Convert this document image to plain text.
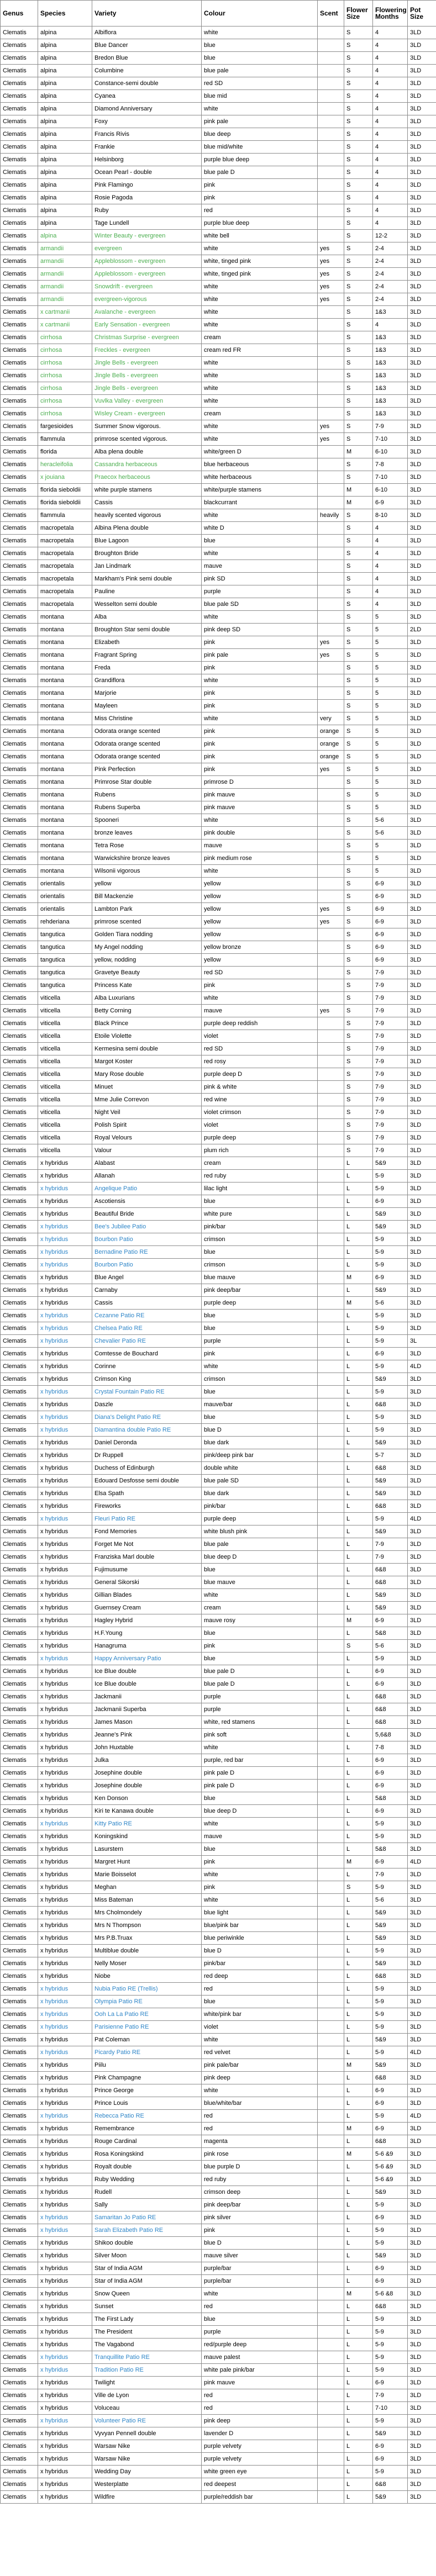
Genus	Species	Variety	Colour	Scent	Flower Size	Flowering Months	Pot Size
Clematis	alpina	Albiflora	white		S	4	3LD
Clematis	alpina	Blue Dancer	blue		S	4	3LD
Clematis	alpina	Bredon Blue	blue		S	4	3LD
Clematis	alpina	Columbine	blue pale		S	4	3LD
Clematis	alpina	Constance-semi double	red SD		S	4	3LD
Clematis	alpina	Cyanea	blue mid		S	4	3LD
Clematis	alpina	Diamond Anniversary	white		S	4	3LD
Clematis	alpina	Foxy	pink pale		S	4	3LD
Clematis	alpina	Francis Rivis	blue deep		S	4	3LD
Clematis	alpina	Frankie	blue mid/white		S	4	3LD
Clematis	alpina	Helsinborg	purple blue deep		S	4	3LD
Clematis	alpina	Ocean Pearl - double	blue pale D		S	4	3LD
Clematis	alpina	Pink Flamingo	pink		S	4	3LD
Clematis	alpina	Rosie Pagoda	pink		S	4	3LD
Clematis	alpina	Ruby	red		S	4	3LD
Clematis	alpina	Tage Lundell	purple blue deep		S	4	3LD
Clematis	alpina	Winter Beauty - evergreen	white bell		S	12-2	3LD
Clematis	armandii	evergreen	white	yes	S	2-4	3LD
Clematis	armandii	Appleblossom - evergreen	white, tinged pink	yes	S	2-4	3LD
Clematis	armandii	Appleblossom - evergreen	white, tinged pink	yes	S	2-4	3LD
Clematis	armandii	Snowdrift - evergreen	white	yes	S	2-4	3LD
Clematis	armandii	evergreen-vigorous	white	yes	S	2-4	3LD
Clematis	x cartmanii	Avalanche - evergreen	white		S	1&3	3LD
Clematis	x cartmanii	Early Sensation - evergreen	white		S	4	3LD
Clematis	cirrhosa	Christmas Surprise - evergreen	cream		S	1&3	3LD
Clematis	cirrhosa	Freckles - evergreen	cream red FR		S	1&3	3LD
Clematis	cirrhosa	Jingle Bells - evergreen	white		S	1&3	3LD
Clematis	cirrhosa	Jingle Bells - evergreen	white		S	1&3	3LD
Clematis	cirrhosa	Jingle Bells - evergreen	white		S	1&3	3LD
Clematis	cirrhosa	Vuvlka Valley - evergreen	white		S	1&3	3LD
Clematis	cirrhosa	Wisley Cream - evergreen	cream		S	1&3	3LD
Clematis	fargesioides	Summer Snow vigorous.	white	yes	S	7-9	3LD
Clematis	flammula	primrose scented vigorous.	white	yes	S	7-10	3LD
Clematis	florida	Alba plena double	white/green D		M	6-10	3LD
Clematis	heracleifolia	Cassandra herbaceous	blue herbaceous		S	7-8	3LD
Clematis	x jouiana	Praecox herbaceous	white herbaceous		S	7-10	3LD
Clematis	florida sieboldii	white purple stamens	white/purple stamens		M	6-10	3LD
Clematis	florida sieboldii	Cassis	blackcurrant		M	6-9	3LD
Clematis	flammula	heavily scented vigorous	white	heavily	S	8-10	3LD
Clematis	macropetala	Albina Plena double	white D		S	4	3LD
Clematis	macropetala	Blue Lagoon	blue		S	4	3LD
Clematis	macropetala	Broughton Bride	white		S	4	3LD
Clematis	macropetala	Jan Lindmark	mauve		S	4	3LD
Clematis	macropetala	Markham's Pink semi double	pink SD		S	4	3LD
Clematis	macropetala	Pauline	purple		S	4	3LD
Clematis	macropetala	Wesselton semi double	blue pale SD		S	4	3LD
Clematis	montana	Alba	white		S	5	3LD
Clematis	montana	Broughton Star semi double	pink deep SD		S	5	2LD
Clematis	montana	Elizabeth	pink	yes	S	5	3LD
Clematis	montana	Fragrant Spring	pink pale	yes	S	5	3LD
Clematis	montana	Freda	pink		S	5	3LD
Clematis	montana	Grandiflora	white		S	5	3LD
Clematis	montana	Marjorie	pink		S	5	3LD
Clematis	montana	Mayleen	pink		S	5	3LD
Clematis	montana	Miss Christine	white	very	S	5	3LD
Clematis	montana	Odorata orange scented	pink	orange	S	5	3LD
Clematis	montana	Odorata orange scented	pink	orange	S	5	3LD
Clematis	montana	Odorata orange scented	pink	orange	S	5	3LD
Clematis	montana	Pink Perfection	pink	yes	S	5	3LD
Clematis	montana	Primrose Star double	primrose D		S	5	3LD
Clematis	montana	Rubens	pink mauve		S	5	3LD
Clematis	montana	Rubens Superba	pink mauve		S	5	3LD
Clematis	montana	Spooneri	white		S	5-6	3LD
Clematis	montana	bronze leaves	pink double		S	5-6	3LD
Clematis	montana	Tetra Rose	mauve		S	5	3LD
Clematis	montana	Warwickshire bronze leaves	pink medium rose		S	5	3LD
Clematis	montana	Wilsonii vigorous	white		S	5	3LD
Clematis	orientalis	yellow	yellow		S	6-9	3LD
Clematis	orientalis	Bill Mackenzie	yellow		S	6-9	3LD
Clematis	orientalis	Lambton Park	yellow	yes	S	6-9	3LD
Clematis	rehderiana	primrose scented	yellow	yes	S	6-9	3LD
Clematis	tangutica	Golden Tiara nodding	yellow		S	6-9	3LD
Clematis	tangutica	My Angel nodding	yellow bronze		S	6-9	3LD
Clematis	tangutica	yellow, nodding	yellow		S	6-9	3LD
Clematis	tangutica	Gravetye Beauty	red SD		S	7-9	3LD
Clematis	tangutica	Princess Kate	pink		S	7-9	3LD
Clematis	viticella	Alba Luxurians	white		S	7-9	3LD
Clematis	viticella	Betty Corning	mauve	yes	S	7-9	3LD
Clematis	viticella	Black Prince	purple deep reddish		S	7-9	3LD
Clematis	viticella	Etoile Violette	violet		S	7-9	3LD
Clematis	viticella	Kermesina semi double	red SD		S	7-9	3LD
Clematis	viticella	Margot Koster	red rosy		S	7-9	3LD
Clematis	viticella	Mary Rose double	purple deep D		S	7-9	3LD
Clematis	viticella	Minuet	pink & white		S	7-9	3LD
Clematis	viticella	Mme Julie Correvon	red wine		S	7-9	3LD
Clematis	viticella	Night Veil	violet crimson		S	7-9	3LD
Clematis	viticella	Polish Spirit	violet		S	7-9	3LD
Clematis	viticella	Royal Velours	purple deep		S	7-9	3LD
Clematis	viticella	Valour	plum rich		S	7-9	3LD
Clematis	x hybridus	Alabast	cream		L	5&9	3LD
Clematis	x hybridus	Allanah	red ruby		L	5-9	3LD
Clematis	x hybridus	Angelique Patio	lilac light		L	5-9	3LD
Clematis	x hybridus	Ascotiensis	blue		L	6-9	3LD
Clematis	x hybridus	Beautiful Bride	white pure		L	5&9	3LD
Clematis	x hybridus	Bee's Jubilee Patio	pink/bar		L	5&9	3LD
Clematis	x hybridus	Bourbon Patio	crimson		L	5-9	3LD
Clematis	x hybridus	Bernadine Patio RE	blue		L	5-9	3LD
Clematis	x hybridus	Bourbon Patio	crimson		L	5-9	3LD
Clematis	x hybridus	Blue Angel	blue mauve		M	6-9	3LD
Clematis	x hybridus	Carnaby	pink deep/bar		L	5&9	3LD
Clematis	x hybridus	Cassis	purple deep		M	5-6	3LD
Clematis	x hybridus	Cezanne Patio RE	blue		L	5-9	3LD
Clematis	x hybridus	Chelsea Patio RE	blue		L	5-9	3LD
Clematis	x hybridus	Chevalier Patio RE	purple		L	5-9	3L
Clematis	x hybridus	Comtesse de Bouchard	pink		L	6-9	3LD
Clematis	x hybridus	Corinne	white		L	5-9	4LD
Clematis	x hybridus	Crimson King	crimson		L	5&9	3LD
Clematis	x hybridus	Crystal Fountain Patio RE	blue		L	5-9	3LD
Clematis	x hybridus	Daszle	mauve/bar		L	6&8	3LD
Clematis	x hybridus	Diana's Delight Patio RE	blue		L	5-9	3LD
Clematis	x hybridus	Diamantina double Patio RE	blue D		L	5-9	3LD
Clematis	x hybridus	Daniel Deronda	blue dark		L	5&9	3LD
Clematis	x hybridus	Dr Ruppell	pink/deep pink bar		L	5-7	3LD
Clematis	x hybridus	Duchess of Edinburgh	double white		L	6&8	3LD
Clematis	x hybridus	Edouard Desfosse semi double	blue pale SD		L	5&9	3LD
Clematis	x hybridus	Elsa Spath	blue dark		L	5&9	3LD
Clematis	x hybridus	Fireworks	pink/bar		L	6&8	3LD
Clematis	x hybridus	Fleuri Patio RE	purple deep		L	5-9	4LD
Clematis	x hybridus	Fond Memories	white blush pink		L	5&9	3LD
Clematis	x hybridus	Forget Me Not	blue pale		L	7-9	3LD
Clematis	x hybridus	Franziska Marl double	blue deep D		L	7-9	3LD
Clematis	x hybridus	Fujimusume	blue		L	6&8	3LD
Clematis	x hybridus	General Sikorski	blue mauve		L	6&8	3LD
Clematis	x hybridus	Gillian Blades	white		L	5&9	3LD
Clematis	x hybridus	Guernsey Cream	cream		L	5&9	3LD
Clematis	x hybridus	Hagley Hybrid	mauve rosy		M	6-9	3LD
Clematis	x hybridus	H.F.Young	blue		L	5&8	3LD
Clematis	x hybridus	Hanagruma	pink		S	5-6	3LD
Clematis	x hybridus	Happy Anniversary Patio	blue		L	5-9	3LD
Clematis	x hybridus	Ice Blue double	blue pale D		L	6-9	3LD
Clematis	x hybridus	Ice Blue double	blue pale D		L	6-9	3LD
Clematis	x hybridus	Jackmanii	purple		L	6&8	3LD
Clematis	x hybridus	Jackmanii Superba	purple		L	6&8	3LD
Clematis	x hybridus	James Mason	white, red stamens		L	6&8	3LD
Clematis	x hybridus	Jeanne's Pink	pink soft		L	5,6&8	3LD
Clematis	x hybridus	John Huxtable	white		L	7-8	3LD
Clematis	x hybridus	Julka	purple, red bar		L	6-9	3LD
Clematis	x hybridus	Josephine double	pink pale D		L	6-9	3LD
Clematis	x hybridus	Josephine double	pink pale D		L	6-9	3LD
Clematis	x hybridus	Ken Donson	blue		L	5&8	3LD
Clematis	x hybridus	Kiri te Kanawa double	blue deep D		L	6-9	3LD
Clematis	x hybridus	Kitty Patio RE	white		L	5-9	3LD
Clematis	x hybridus	Koningskind	mauve		L	5-9	3LD
Clematis	x hybridus	Lasurstern	blue		L	5&8	3LD
Clematis	x hybridus	Margret Hunt	pink		M	6-9	4LD
Clematis	x hybridus	Marie Boisselot	white		L	7-9	3LD
Clematis	x hybridus	Meghan	pink		S	5-9	3LD
Clematis	x hybridus	Miss Bateman	white		L	5-6	3LD
Clematis	x hybridus	Mrs Cholmondely	blue light		L	5&9	3LD
Clematis	x hybridus	Mrs N Thompson	blue/pink bar		L	5&9	3LD
Clematis	x hybridus	Mrs P.B.Truax	blue periwinkle		L	5&9	3LD
Clematis	x hybridus	Multiblue double	blue D		L	5-9	3LD
Clematis	x hybridus	Nelly Moser	pink/bar		L	5&9	3LD
Clematis	x hybridus	Niobe	red deep		L	6&8	3LD
Clematis	x hybridus	Nubia Patio RE (Trellis)	red		L	5-9	3LD
Clematis	x hybridus	Olympia Patio RE	blue		L	5-9	3LD
Clematis	x hybridus	Ooh La La Patio RE	white/pink bar		L	5-9	3LD
Clematis	x hybridus	Parisienne Patio RE	violet		L	5-9	3LD
Clematis	x hybridus	Pat Coleman	white		L	5&9	3LD
Clematis	x hybridus	Picardy Patio RE	red velvet		L	5-9	4LD
Clematis	x hybridus	Piilu	pink pale/bar		M	5&9	3LD
Clematis	x hybridus	Pink Champagne	pink deep		L	6&8	3LD
Clematis	x hybridus	Prince George	white		L	6-9	3LD
Clematis	x hybridus	Prince Louis	blue/white/bar		L	6-9	3LD
Clematis	x hybridus	Rebecca Patio RE	red		L	5-9	4LD
Clematis	x hybridus	Remembrance	red		M	6-9	3LD
Clematis	x hybridus	Rouge Cardinal	magenta		L	6&8	3LD
Clematis	x hybridus	Rosa Koningskind	pink rose		M	5-6 &9	3LD
Clematis	x hybridus	Royalt double	blue purple D		L	5-6 &9	3LD
Clematis	x hybridus	Ruby Wedding	red ruby		L	5-6 &9	3LD
Clematis	x hybridus	Rudell	crimson deep		L	5&9	3LD
Clematis	x hybridus	Sally	pink deep/bar		L	5-9	3LD
Clematis	x hybridus	Samaritan Jo Patio RE	pink silver		L	6-9	3LD
Clematis	x hybridus	Sarah Elizabeth Patio RE	pink		L	5-9	3LD
Clematis	x hybridus	Shikoo double	blue D		L	5-9	3LD
Clematis	x hybridus	Silver Moon	mauve silver		L	5&9	3LD
Clematis	x hybridus	Star of India AGM	purple/bar		L	6-9	3LD
Clematis	x hybridus	Star of India AGM	purple/bar		L	6-9	3LD
Clematis	x hybridus	Snow Queen	white		M	5-6 &8	3LD
Clematis	x hybridus	Sunset	red		L	6&8	3LD
Clematis	x hybridus	The First Lady	blue		L	5-9	3LD
Clematis	x hybridus	The President	purple		L	5-9	3LD
Clematis	x hybridus	The Vagabond	red/purple deep		L	5-9	3LD
Clematis	x hybridus	Tranquillite Patio RE	mauve palest		L	5-9	3LD
Clematis	x hybridus	Tradition Patio RE	white pale pink/bar		L	5-9	3LD
Clematis	x hybridus	Twilight	pink mauve		L	6-9	3LD
Clematis	x hybridus	Ville de Lyon	red		L	7-9	3LD
Clematis	x hybridus	Voluceau	red		L	7-10	3LD
Clematis	x hybridus	Volunteer Patio RE	pink deep		L	5-9	3LD
Clematis	x hybridus	Vyvyan Pennell double	lavender D		L	5&9	3LD
Clematis	x hybridus	Warsaw Nike	purple velvety		L	6-9	3LD
Clematis	x hybridus	Warsaw Nike	purple velvety		L	6-9	3LD
Clematis	x hybridus	Wedding Day	white green eye		L	5-9	3LD
Clematis	x hybridus	Westerplatte	red deepest		L	6&8	3LD
Clematis	x hybridus	Wildfire	purple/reddish bar		L	5&9	3LD
